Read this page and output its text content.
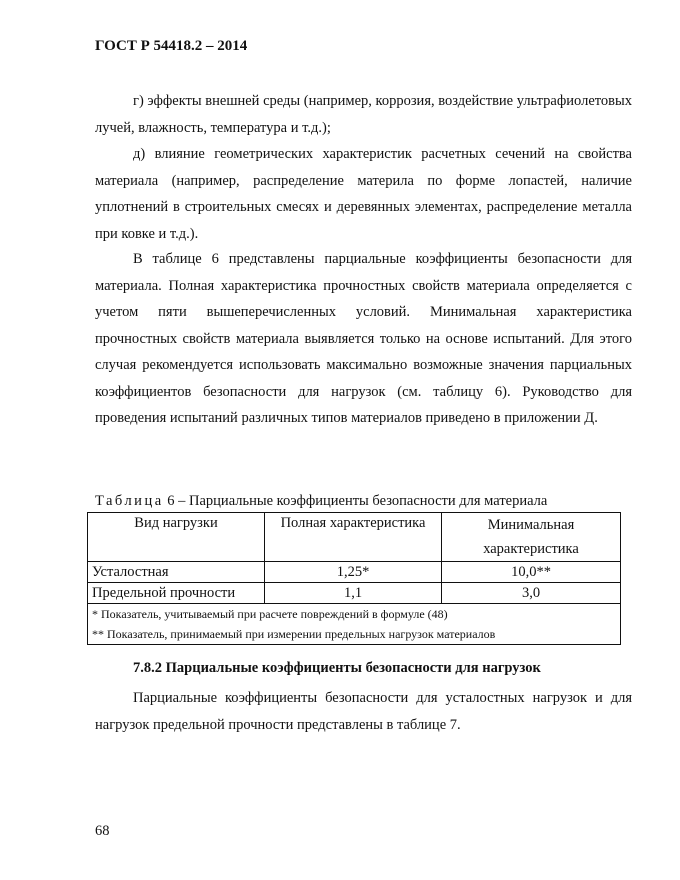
ГОСТ Р 54418.2 – 2014

г) эффекты внешней среды (например, коррозия, воздействие ультрафиолетовых лучей, влажность, температура и т.д.);

д) влияние геометрических характеристик расчетных сечений на свойства материала (например, распределение материла по форме лопастей, наличие уплотнений в строительных смесях и деревянных элементах, распределение металла при ковке и т.д.).

В таблице 6 представлены парциальные коэффициенты безопасности для материала. Полная характеристика прочностных свойств материала определяется с учетом пяти вышеперечисленных условий. Минимальная характеристика прочностных свойств материала выявляется только на основе испытаний. Для этого случая рекомендуется использовать максимально возможные значения парциальных коэффициентов безопасности для нагрузок (см. таблицу 6). Руководство для проведения испытаний различных типов материалов приведено в приложении Д.

Таблица 6 – Парциальные коэффициенты безопасности для материала
Вид нагрузки	Полная характеристика	Минимальная характеристика
Усталостная	1,25*	10,0**
Предельной прочности	1,1	3,0

* Показатель, учитываемый при расчете повреждений в формуле (48)
** Показатель, принимаемый при измерении предельных нагрузок материалов		
7.8.2 Парциальные коэффициенты безопасности для нагрузок

Парциальные коэффициенты безопасности для усталостных нагрузок и для нагрузок предельной прочности представлены в таблице 7.

68
